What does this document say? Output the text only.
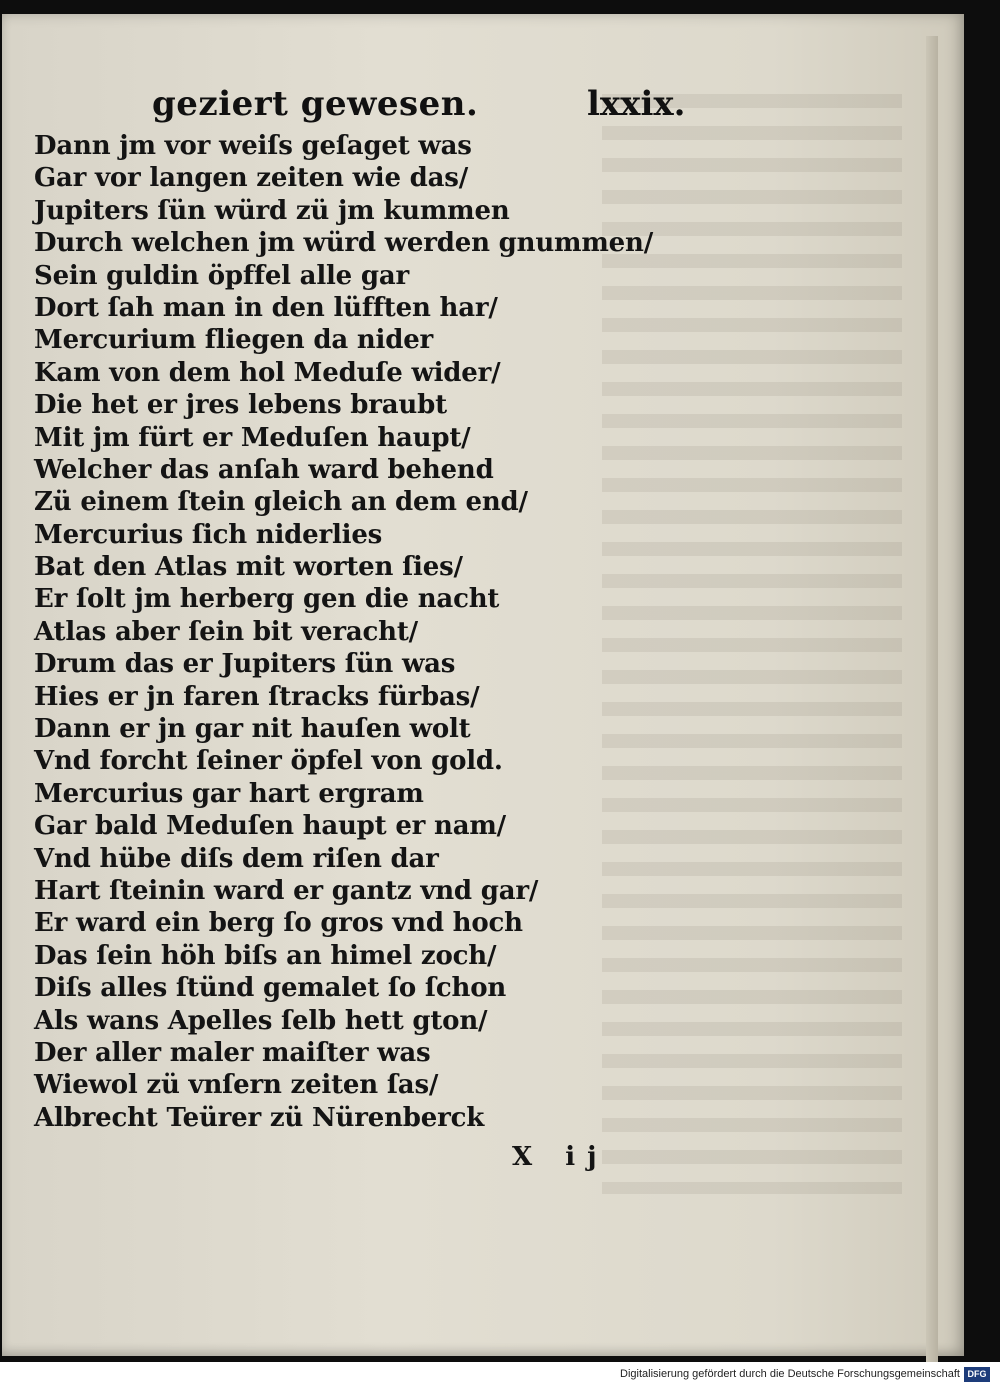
geziert gewesen.	lxxix.
Dann jm vor weiſs geſaget was
Gar vor langen zeiten wie das/
Jupiters ſün würd zü jm kummen
Durch welchen jm würd werden gnummen/
Sein guldin öpffel alle gar
Dort ſah man in den lüfften har/
Mercurium fliegen da nider
Kam von dem hol Meduſe wider/
Die het er jres lebens braubt
Mit jm fürt er Meduſen haupt/
Welcher das anſah ward behend
Zü einem ſtein gleich an dem end/
Mercurius ſich niderlies
Bat den Atlas mit worten ſies/
Er ſolt jm herberg gen die nacht
Atlas aber ſein bit veracht/
Drum das er Jupiters ſün was
Hies er jn faren ſtracks fürbas/
Dann er jn gar nit hauſen wolt
Vnd forcht ſeiner öpfel von gold.
Mercurius gar hart ergram
Gar bald Meduſen haupt er nam/
Vnd hübe diſs dem riſen dar
Hart ſteinin ward er gantz vnd gar/
Er ward ein berg ſo gros vnd hoch
Das ſein höh biſs an himel zoch/
Diſs alles ſtünd gemalet ſo ſchon
Als wans Apelles ſelb hett gton/
Der aller maler maiſter was
Wiewol zü vnſern zeiten ſas/
Albrecht Teürer zü Nürenberck
X ij
Digitalisierung gefördert durch die Deutsche Forschungsgemeinschaft DFG
